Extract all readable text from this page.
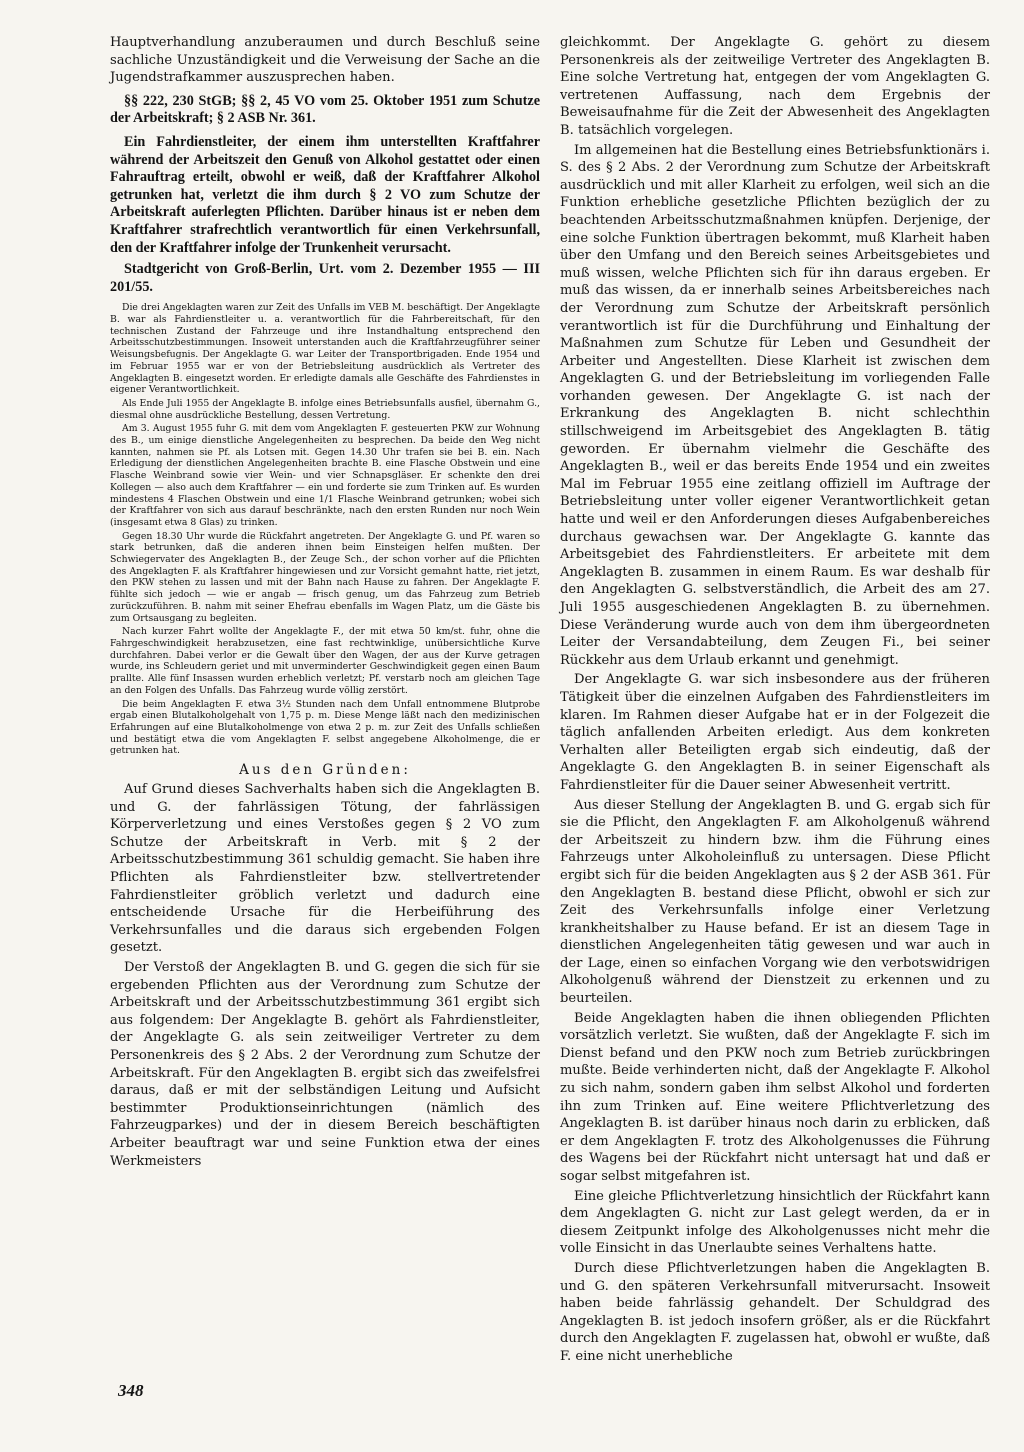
Hauptverhandlung anzuberaumen und durch Beschluß seine sachliche Unzuständigkeit und die Verweisung der Sache an die Jugendstrafkammer auszusprechen haben.

§§ 222, 230 StGB; §§ 2, 45 VO vom 25. Oktober 1951 zum Schutze der Arbeitskraft; § 2 ASB Nr. 361.

Ein Fahrdienstleiter, der einem ihm unterstellten Kraftfahrer während der Arbeitszeit den Genuß von Alkohol gestattet oder einen Fahrauftrag erteilt, obwohl er weiß, daß der Kraftfahrer Alkohol getrunken hat, verletzt die ihm durch § 2 VO zum Schutze der Arbeitskraft auferlegten Pflichten. Darüber hinaus ist er neben dem Kraftfahrer strafrechtlich verantwortlich für einen Verkehrsunfall, den der Kraftfahrer infolge der Trunkenheit verursacht.

Stadtgericht von Groß-Berlin, Urt. vom 2. Dezember 1955 — III 201/55.

Die drei Angeklagten waren zur Zeit des Unfalls im VEB M. beschäftigt. Der Angeklagte B. war als Fahrdienstleiter u. a. verantwortlich für die Fahrbereitschaft, für den technischen Zustand der Fahrzeuge und ihre Instandhaltung entsprechend den Arbeitsschutzbestimmungen. Insoweit unterstanden auch die Kraftfahrzeugführer seiner Weisungsbefugnis. Der Angeklagte G. war Leiter der Transportbrigaden. Ende 1954 und im Februar 1955 war er von der Betriebsleitung ausdrücklich als Vertreter des Angeklagten B. eingesetzt worden. Er erledigte damals alle Geschäfte des Fahrdienstes in eigener Verantwortlichkeit.

Als Ende Juli 1955 der Angeklagte B. infolge eines Betriebsunfalls ausfiel, übernahm G., diesmal ohne ausdrückliche Bestellung, dessen Vertretung.

Am 3. August 1955 fuhr G. mit dem vom Angeklagten F. gesteuerten PKW zur Wohnung des B., um einige dienstliche Angelegenheiten zu besprechen. Da beide den Weg nicht kannten, nahmen sie Pf. als Lotsen mit. Gegen 14.30 Uhr trafen sie bei B. ein. Nach Erledigung der dienstlichen Angelegenheiten brachte B. eine Flasche Obstwein und eine Flasche Weinbrand sowie vier Wein- und vier Schnapsgläser. Er schenkte den drei Kollegen — also auch dem Kraftfahrer — ein und forderte sie zum Trinken auf. Es wurden mindestens 4 Flaschen Obstwein und eine 1/1 Flasche Weinbrand getrunken; wobei sich der Kraftfahrer von sich aus darauf beschränkte, nach den ersten Runden nur noch Wein (insgesamt etwa 8 Glas) zu trinken.

Gegen 18.30 Uhr wurde die Rückfahrt angetreten. Der Angeklagte G. und Pf. waren so stark betrunken, daß die anderen ihnen beim Einsteigen helfen mußten. Der Schwiegervater des Angeklagten B., der Zeuge Sch., der schon vorher auf die Pflichten des Angeklagten F. als Kraftfahrer hingewiesen und zur Vorsicht gemahnt hatte, riet jetzt, den PKW stehen zu lassen und mit der Bahn nach Hause zu fahren. Der Angeklagte F. fühlte sich jedoch — wie er angab — frisch genug, um das Fahrzeug zum Betrieb zurückzuführen. B. nahm mit seiner Ehefrau ebenfalls im Wagen Platz, um die Gäste bis zum Ortsausgang zu begleiten.

Nach kurzer Fahrt wollte der Angeklagte F., der mit etwa 50 km/st. fuhr, ohne die Fahrgeschwindigkeit herabzusetzen, eine fast rechtwinklige, unübersichtliche Kurve durchfahren. Dabei verlor er die Gewalt über den Wagen, der aus der Kurve getragen wurde, ins Schleudern geriet und mit unverminderter Geschwindigkeit gegen einen Baum prallte. Alle fünf Insassen wurden erheblich verletzt; Pf. verstarb noch am gleichen Tage an den Folgen des Unfalls. Das Fahrzeug wurde völlig zerstört.

Die beim Angeklagten F. etwa 3½ Stunden nach dem Unfall entnommene Blutprobe ergab einen Blutalkoholgehalt von 1,75 p. m. Diese Menge läßt nach den medizinischen Erfahrungen auf eine Blutalkoholmenge von etwa 2 p. m. zur Zeit des Unfalls schließen und bestätigt etwa die vom Angeklagten F. selbst angegebene Alkoholmenge, die er getrunken hat.

Aus den Gründen:

Auf Grund dieses Sachverhalts haben sich die Angeklagten B. und G. der fahrlässigen Tötung, der fahrlässigen Körperverletzung und eines Verstoßes gegen § 2 VO zum Schutze der Arbeitskraft in Verb. mit § 2 der Arbeitsschutzbestimmung 361 schuldig gemacht. Sie haben ihre Pflichten als Fahrdienstleiter bzw. stellvertretender Fahrdienstleiter gröblich verletzt und dadurch eine entscheidende Ursache für die Herbeiführung des Verkehrsunfalles und die daraus sich ergebenden Folgen gesetzt.

Der Verstoß der Angeklagten B. und G. gegen die sich für sie ergebenden Pflichten aus der Verordnung zum Schutze der Arbeitskraft und der Arbeitsschutzbestimmung 361 ergibt sich aus folgendem: Der Angeklagte B. gehört als Fahrdienstleiter, der Angeklagte G. als sein zeitweiliger Vertreter zu dem Personenkreis des § 2 Abs. 2 der Verordnung zum Schutze der Arbeitskraft. Für den Angeklagten B. ergibt sich das zweifelsfrei daraus, daß er mit der selbständigen Leitung und Aufsicht bestimmter Produktionseinrichtungen (nämlich des Fahrzeugparkes) und der in diesem Bereich beschäftigten Arbeiter beauftragt war und seine Funktion etwa der eines Werkmeisters

gleichkommt. Der Angeklagte G. gehört zu diesem Personenkreis als der zeitweilige Vertreter des Angeklagten B. Eine solche Vertretung hat, entgegen der vom Angeklagten G. vertretenen Auffassung, nach dem Ergebnis der Beweisaufnahme für die Zeit der Abwesenheit des Angeklagten B. tatsächlich vorgelegen.

Im allgemeinen hat die Bestellung eines Betriebsfunktionärs i. S. des § 2 Abs. 2 der Verordnung zum Schutze der Arbeitskraft ausdrücklich und mit aller Klarheit zu erfolgen, weil sich an die Funktion erhebliche gesetzliche Pflichten bezüglich der zu beachtenden Arbeitsschutzmaßnahmen knüpfen. Derjenige, der eine solche Funktion übertragen bekommt, muß Klarheit haben über den Umfang und den Bereich seines Arbeitsgebietes und muß wissen, welche Pflichten sich für ihn daraus ergeben. Er muß das wissen, da er innerhalb seines Arbeitsbereiches nach der Verordnung zum Schutze der Arbeitskraft persönlich verantwortlich ist für die Durchführung und Einhaltung der Maßnahmen zum Schutze für Leben und Gesundheit der Arbeiter und Angestellten. Diese Klarheit ist zwischen dem Angeklagten G. und der Betriebsleitung im vorliegenden Falle vorhanden gewesen. Der Angeklagte G. ist nach der Erkrankung des Angeklagten B. nicht schlechthin stillschweigend im Arbeitsgebiet des Angeklagten B. tätig geworden. Er übernahm vielmehr die Geschäfte des Angeklagten B., weil er das bereits Ende 1954 und ein zweites Mal im Februar 1955 eine zeitlang offiziell im Auftrage der Betriebsleitung unter voller eigener Verantwortlichkeit getan hatte und weil er den Anforderungen dieses Aufgabenbereiches durchaus gewachsen war. Der Angeklagte G. kannte das Arbeitsgebiet des Fahrdienstleiters. Er arbeitete mit dem Angeklagten B. zusammen in einem Raum. Es war deshalb für den Angeklagten G. selbstverständlich, die Arbeit des am 27. Juli 1955 ausgeschiedenen Angeklagten B. zu übernehmen. Diese Veränderung wurde auch von dem ihm übergeordneten Leiter der Versandabteilung, dem Zeugen Fi., bei seiner Rückkehr aus dem Urlaub erkannt und genehmigt.

Der Angeklagte G. war sich insbesondere aus der früheren Tätigkeit über die einzelnen Aufgaben des Fahrdienstleiters im klaren. Im Rahmen dieser Aufgabe hat er in der Folgezeit die täglich anfallenden Arbeiten erledigt. Aus dem konkreten Verhalten aller Beteiligten ergab sich eindeutig, daß der Angeklagte G. den Angeklagten B. in seiner Eigenschaft als Fahrdienstleiter für die Dauer seiner Abwesenheit vertritt.

Aus dieser Stellung der Angeklagten B. und G. ergab sich für sie die Pflicht, den Angeklagten F. am Alkoholgenuß während der Arbeitszeit zu hindern bzw. ihm die Führung eines Fahrzeugs unter Alkoholeinfluß zu untersagen. Diese Pflicht ergibt sich für die beiden Angeklagten aus § 2 der ASB 361. Für den Angeklagten B. bestand diese Pflicht, obwohl er sich zur Zeit des Verkehrsunfalls infolge einer Verletzung krankheitshalber zu Hause befand. Er ist an diesem Tage in dienstlichen Angelegenheiten tätig gewesen und war auch in der Lage, einen so einfachen Vorgang wie den verbotswidrigen Alkoholgenuß während der Dienstzeit zu erkennen und zu beurteilen.

Beide Angeklagten haben die ihnen obliegenden Pflichten vorsätzlich verletzt. Sie wußten, daß der Angeklagte F. sich im Dienst befand und den PKW noch zum Betrieb zurückbringen mußte. Beide verhinderten nicht, daß der Angeklagte F. Alkohol zu sich nahm, sondern gaben ihm selbst Alkohol und forderten ihn zum Trinken auf. Eine weitere Pflichtverletzung des Angeklagten B. ist darüber hinaus noch darin zu erblicken, daß er dem Angeklagten F. trotz des Alkoholgenusses die Führung des Wagens bei der Rückfahrt nicht untersagt hat und daß er sogar selbst mitgefahren ist.

Eine gleiche Pflichtverletzung hinsichtlich der Rückfahrt kann dem Angeklagten G. nicht zur Last gelegt werden, da er in diesem Zeitpunkt infolge des Alkoholgenusses nicht mehr die volle Einsicht in das Unerlaubte seines Verhaltens hatte.

Durch diese Pflichtverletzungen haben die Angeklagten B. und G. den späteren Verkehrsunfall mitverursacht. Insoweit haben beide fahrlässig gehandelt. Der Schuldgrad des Angeklagten B. ist jedoch insofern größer, als er die Rückfahrt durch den Angeklagten F. zugelassen hat, obwohl er wußte, daß F. eine nicht unerhebliche

348
